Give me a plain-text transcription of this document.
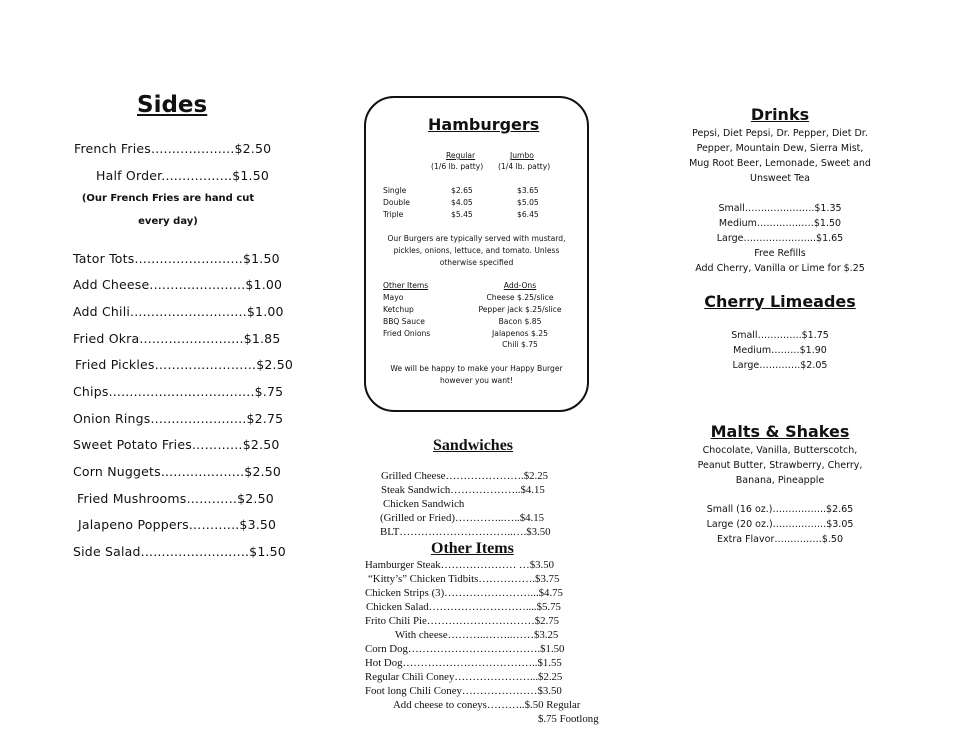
Sides
French Fries....................$2.50
Half Order.................$1.50
(Our French Fries are hand cut
every day)
Tator Tots..........................$1.50
Add Cheese.......................$1.00
Add Chili............................$1.00
Fried Okra.........................$1.85
Fried Pickles……………………$2.50
Chips...................................$.75
Onion Rings.......................$2.75
Sweet Potato Fries…………$2.50
Corn Nuggets....................$2.50
Fried Mushrooms…….…..$2.50
Jalapeno Poppers…….…..$3.50
Side Salad..........................$1.50
Hamburgers
Regular
(1/6 lb. patty)
Jumbo
(1/4 lb. patty)
Single	$2.65	$3.65
Double	$4.05	$5.05
Triple	$5.45	$6.45
Our Burgers are typically served with mustard,
pickles, onions, lettuce, and tomato. Unless
otherwise specified
Other Items
Mayo
Ketchup
BBQ Sauce
Fried Onions
Add-Ons
Cheese $.25/slice
Pepper jack $.25/slice
Bacon $.85
Jalapenos $.25
Chili $.75
We will be happy to make your Happy Burger
however you want!
Sandwiches
Grilled Cheese………………….$2.25
Steak Sandwich………………..$4.15
Chicken Sandwich
(Grilled or Fried)…………..…..$4.15
BLT…………………………..….$3.50
Other Items
Hamburger Steak………………… …$3.50
“Kitty’s” Chicken Tidbits…………….$3.75
Chicken Strips (3)……………………...$4.75
Chicken Salad………………………....$5.75
Frito Chili Pie…………………………$2.75
With cheese………..……..……$3.25
Corn Dog……………………………….$1.50
Hot Dog………………………………..$1.55
Regular Chili Coney…………………...$2.25
Foot long Chili Coney…………………$3.50
Add cheese to coneys………..$.50 Regular
$.75 Footlong
Drinks
Pepsi, Diet Pepsi, Dr. Pepper, Diet Dr.
Pepper, Mountain Dew, Sierra Mist,
Mug Root Beer, Lemonade, Sweet and
Unsweet Tea
Small………………….$1.35
Medium………………$1.50
Large…………………..$1.65
Free Refills
Add Cherry, Vanilla or Lime for $.25
Cherry Limeades
Small…………..$1.75
Medium………$1.90
Large………….$2.05
Malts & Shakes
Chocolate, Vanilla, Butterscotch,
Peanut Butter, Strawberry, Cherry,
Banana, Pineapple
Small (16 oz.)……………..$2.65
Large (20 oz.)……………..$3.05
Extra Flavor……………$.50
